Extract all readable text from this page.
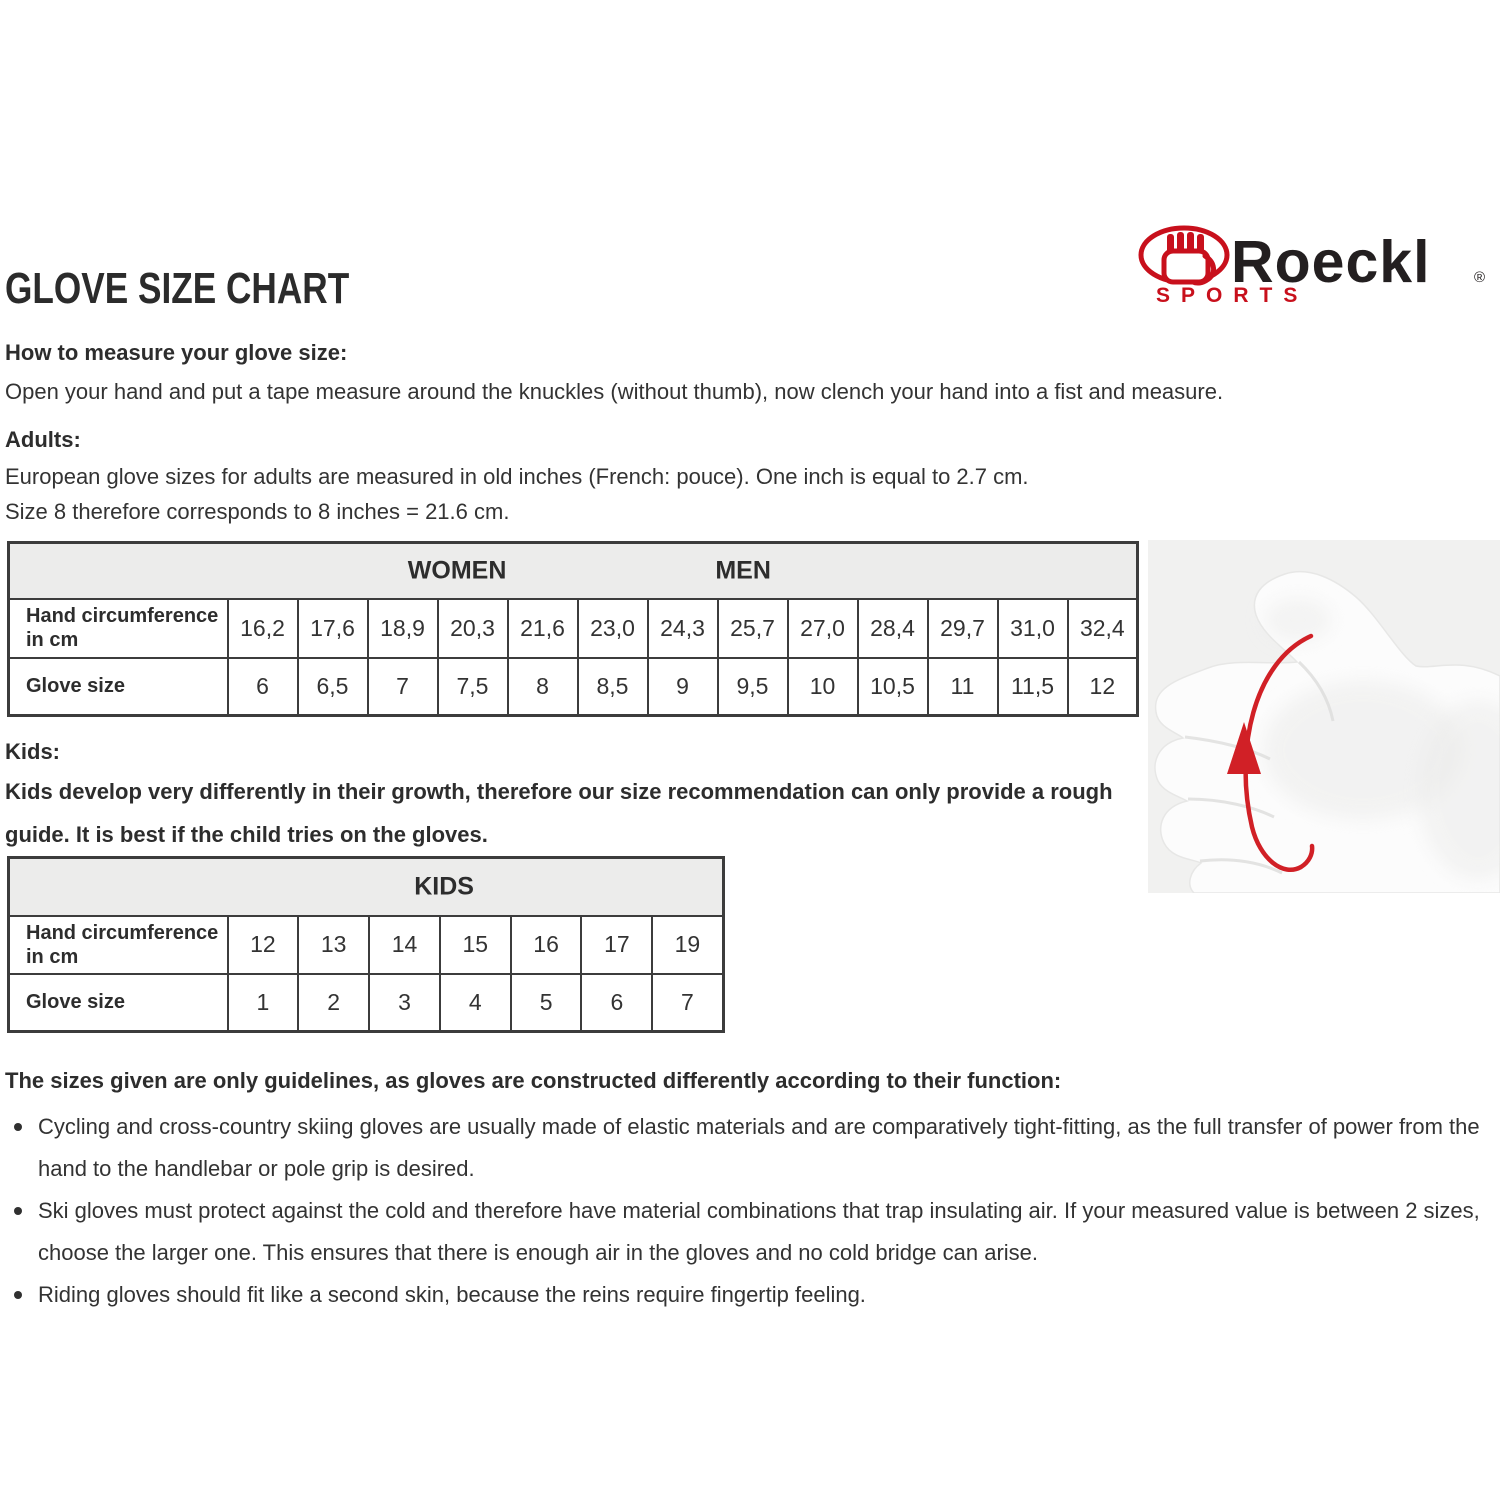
GLOVE SIZE CHART	Roeckl	®
SPORTS
How to measure your glove size:
Open your hand and put a tape measure around the knuckles (without thumb), now clench your hand into a fist and measure.
Adults:
European glove sizes for adults are measured in old inches (French: pouce). One inch is equal to 2.7 cm.
Size 8 therefore corresponds to 8 inches = 21.6 cm.
WOMEN MEN													

Hand circumference in cm	16,2	17,6	18,9	20,3	21,6	23,0	24,3	25,7	27,0	28,4	29,7	31,0	32,4
Glove size	6	6,5	7	7,5	8	8,5	9	9,5	10	10,5	11	11,5	12
Kids:
Kids develop very differently in their growth, therefore our size recommendation can only provide a rough guide. It is best if the child tries on the gloves.
KIDS							

Hand circumference in cm	12	13	14	15	16	17	19
Glove size	1	2	3	4	5	6	7
The sizes given are only guidelines, as gloves are constructed differently according to their function:
Cycling and cross-country skiing gloves are usually made of elastic materials and are comparatively tight-fitting, as the full transfer of power from the hand to the handlebar or pole grip is desired.
Ski gloves must protect against the cold and therefore have material combinations that trap insulating air. If your measured value is between 2 sizes, choose the larger one. This ensures that there is enough air in the gloves and no cold bridge can arise.
Riding gloves should fit like a second skin, because the reins require fingertip feeling.
